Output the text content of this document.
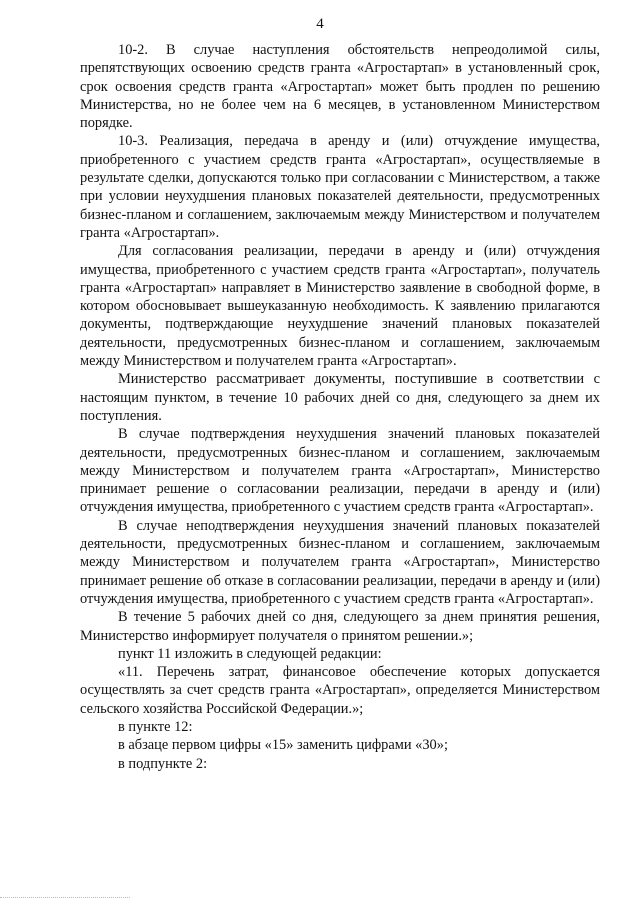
4

10-2. В случае наступления обстоятельств непреодолимой силы, препятствующих освоению средств гранта «Агростартап» в установленный срок, срок освоения средств гранта «Агростартап» может быть продлен по решению Министерства, но не более чем на 6 месяцев, в установленном Министерством порядке.

10-3. Реализация, передача в аренду и (или) отчуждение имущества, приобретенного с участием средств гранта «Агростартап», осуществляемые в результате сделки, допускаются только при согласовании с Министерством, а также при условии неухудшения плановых показателей деятельности, предусмотренных бизнес-планом и соглашением, заключаемым между Министерством и получателем гранта «Агростартап».

Для согласования реализации, передачи в аренду и (или) отчуждения имущества, приобретенного с участием средств гранта «Агростартап», получатель гранта «Агростартап» направляет в Министерство заявление в свободной форме, в котором обосновывает вышеуказанную необходимость. К заявлению прилагаются документы, подтверждающие неухудшение значений плановых показателей деятельности, предусмотренных бизнес-планом и соглашением, заключаемым между Министерством и получателем гранта «Агростартап».

Министерство рассматривает документы, поступившие в соответствии с настоящим пунктом, в течение 10 рабочих дней со дня, следующего за днем их поступления.

В случае подтверждения неухудшения значений плановых показателей деятельности, предусмотренных бизнес-планом и соглашением, заключаемым между Министерством и получателем гранта «Агростартап», Министерство принимает решение о согласовании реализации, передачи в аренду и (или) отчуждения имущества, приобретенного с участием средств гранта «Агростартап».

В случае неподтверждения неухудшения значений плановых показателей деятельности, предусмотренных бизнес-планом и соглашением, заключаемым между Министерством и получателем гранта «Агростартап», Министерство принимает решение об отказе в согласовании реализации, передачи в аренду и (или) отчуждения имущества, приобретенного с участием средств гранта «Агростартап».

В течение 5 рабочих дней со дня, следующего за днем принятия решения, Министерство информирует получателя о принятом решении.»;

пункт 11 изложить в следующей редакции:

«11. Перечень затрат, финансовое обеспечение которых допускается осуществлять за счет средств гранта «Агростартап», определяется Министерством сельского хозяйства Российской Федерации.»;

в пункте 12:

в абзаце первом цифры «15» заменить цифрами «30»;

в подпункте 2:
